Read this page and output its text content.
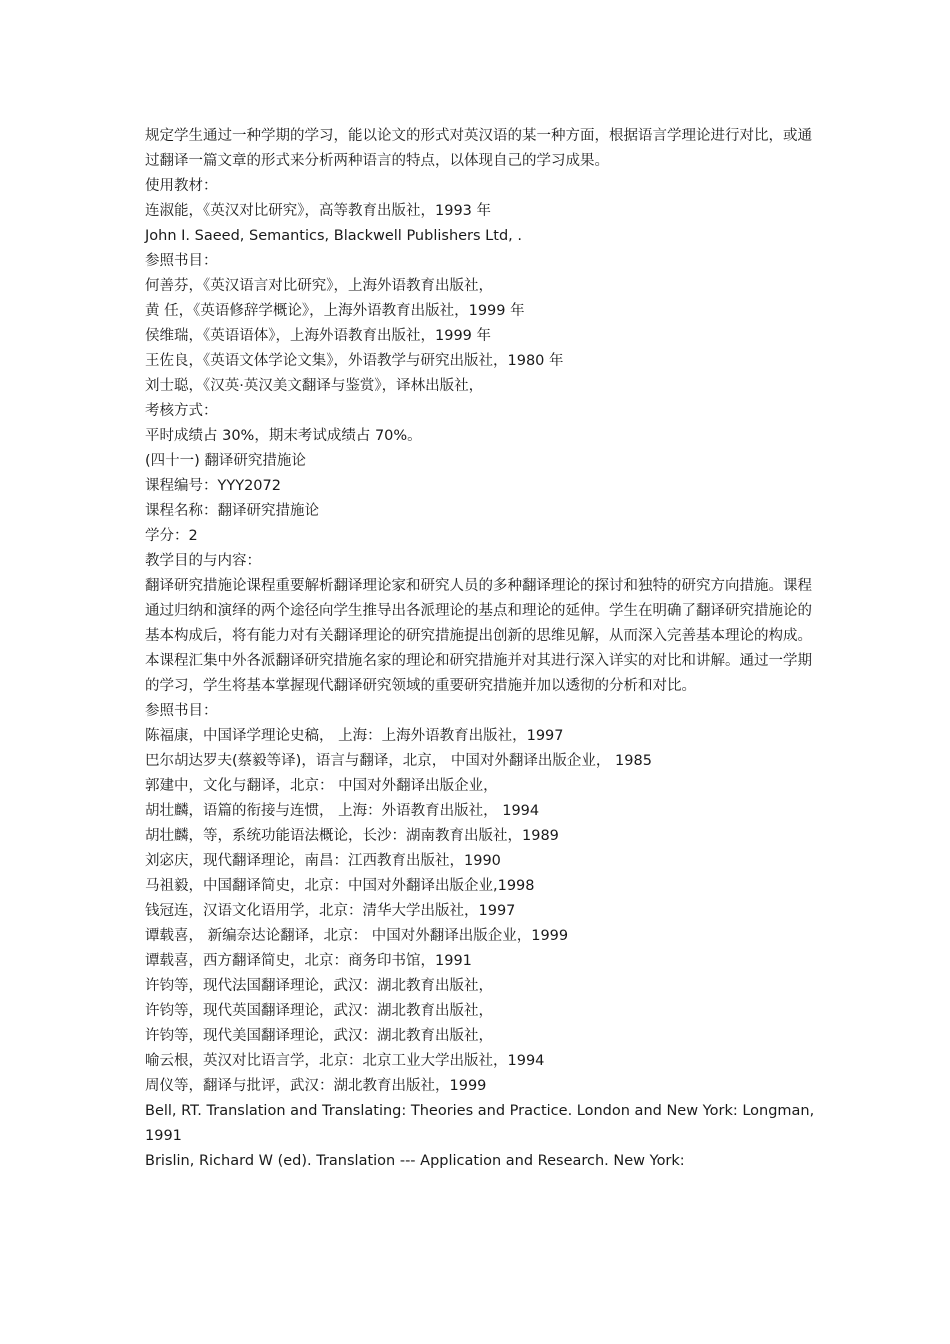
规定学生通过一种学期的学习，能以论文的形式对英汉语的某一种方面，根据语言学理论进行对比，或通过翻译一篇文章的形式来分析两种语言的特点，以体现自己的学习成果。

使用教材：

连淑能，《英汉对比研究》，高等教育出版社，1993 年

John I. Saeed, Semantics, Blackwell Publishers Ltd, .

参照书目：

何善芬，《英汉语言对比研究》，上海外语教育出版社，

黄 任，《英语修辞学概论》，上海外语教育出版社，1999 年

侯维瑞，《英语语体》，上海外语教育出版社，1999 年

王佐良，《英语文体学论文集》，外语教学与研究出版社，1980 年

刘士聪，《汉英·英汉美文翻译与鉴赏》，译林出版社，

考核方式：

平时成绩占 30%，期末考试成绩占 70%。

(四十一) 翻译研究措施论

课程编号：YYY2072

课程名称：翻译研究措施论

学分：2

教学目的与内容：

翻译研究措施论课程重要解析翻译理论家和研究人员的多种翻译理论的探讨和独特的研究方向措施。课程通过归纳和演绎的两个途径向学生推导出各派理论的基点和理论的延伸。学生在明确了翻译研究措施论的基本构成后，将有能力对有关翻译理论的研究措施提出创新的思维见解，从而深入完善基本理论的构成。

本课程汇集中外各派翻译研究措施名家的理论和研究措施并对其进行深入详实的对比和讲解。通过一学期的学习，学生将基本掌握现代翻译研究领域的重要研究措施并加以透彻的分析和对比。

参照书目：

陈福康，中国译学理论史稿， 上海：上海外语教育出版社，1997

巴尔胡达罗夫(蔡毅等译)，语言与翻译，北京， 中国对外翻译出版企业， 1985

郭建中，文化与翻译，北京： 中国对外翻译出版企业，

胡壮麟，语篇的衔接与连惯， 上海：外语教育出版社， 1994

胡壮麟，等，系统功能语法概论，长沙：湖南教育出版社，1989

刘宓庆，现代翻译理论，南昌：江西教育出版社，1990

马祖毅，中国翻译简史，北京：中国对外翻译出版企业,1998

钱冠连，汉语文化语用学，北京：清华大学出版社，1997

谭载喜， 新编奈达论翻译，北京： 中国对外翻译出版企业，1999

谭载喜，西方翻译简史，北京：商务印书馆，1991

许钧等，现代法国翻译理论，武汉：湖北教育出版社，

许钧等，现代英国翻译理论，武汉：湖北教育出版社，

许钧等，现代美国翻译理论，武汉：湖北教育出版社，

喻云根，英汉对比语言学，北京：北京工业大学出版社，1994

周仪等，翻译与批评，武汉：湖北教育出版社，1999

Bell, RT. Translation and Translating: Theories and Practice. London and New York: Longman, 1991

Brislin, Richard W (ed). Translation --- Application and Research. New York:
